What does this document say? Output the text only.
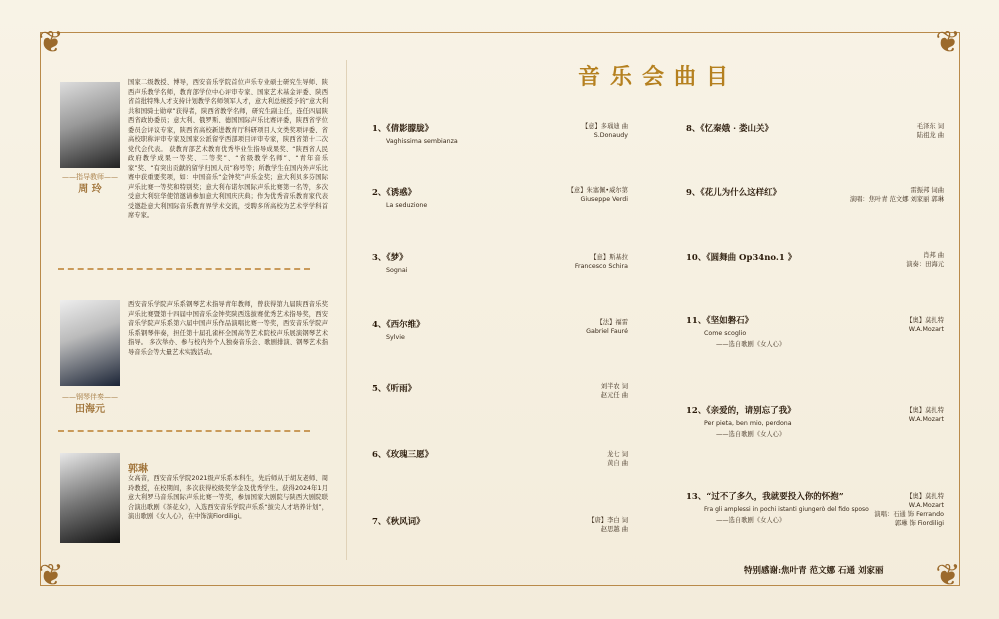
❦	❦
❦	❦
——指导教师——
周 玲
国家二级教授、博导，西安音乐学院首位声乐专业硕士研究生导师、陕西声乐教学名师，教育部学位中心评审专家、国家艺术基金评委、陕西省首批特殊人才支持计划教学名师领军人才，意大利总统授予的“意大利共和国骑士勋章”获得者，陕西省教学名师，研究生副主任，连任四届陕西省政协委员；意大利、俄罗斯、德国国际声乐比赛评委，陕西省学位委员会评议专家，陕西省高校新进教育厅科研项目人文类奖项评委、省高校职称评审专家及国家公派留学西部项目评审专家，陕西省第十二次党代会代表。 获教育部艺术教育优秀毕业生指导成果奖、“陕西省人民政府教学成果一等奖、二等奖”、“省级教学名师”、“青年音乐家”奖、“有突出贡献的留学归国人员”称号等；所教学生在国内外声乐比赛中获重要奖项，如：中国音乐“金钟奖”声乐金奖；意大利贝多芬国际声乐比赛一等奖和特别奖；意大利布诺尔国际声乐比赛第一名等，多次受意大利驻华使馆邀请参加意大利国庆庆典；作为优秀音乐教育家代表受邀赴意大利国际音乐教育界学术交流，受聘多所高校为艺术学学科首席专家。
——钢琴伴奏——
田海元
西安音乐学院声乐系钢琴艺术指导青年教师，曾获得第九届陕西音乐奖声乐比赛暨第十四届中国音乐金钟奖陕西选拔赛优秀艺术指导奖，西安音乐学院声乐系第六届中国声乐作品演唱比赛一等奖，西安音乐学院声乐系钢琴伴奏，担任第十届孔雀杯全国高等艺术院校声乐展演钢琴艺术指导。 多次举办、参与校内外个人独奏音乐会、歌剧排演、钢琴艺术指导音乐会等大量艺术实践活动。
郭琳
女高音，西安音乐学院2021级声乐系本科生，先后师从于胡友老师、周玲教授，在校期间，多次获得校级奖学金及优秀学生。获得2024年1月意大利罗马音乐国际声乐比赛一等奖，参加国家大剧院与陕西大剧院联合演出歌剧《茶花女》，入选西安音乐学院声乐系“拔尖人才培养计划”，演出歌剧《女人心》，在中饰演Fiordiligi。
音乐会曲目
1、《倩影朦胧》
Vaghissima sembianza
【意】多瑙迪 曲
S.Donaudy
2、《诱惑》
La seduzione
【意】朱塞佩•威尔第
Giuseppe Verdi
3、《梦》
Sognai
【意】斯基拉
Francesco Schira
4、《西尔维》
Sylvie
【法】福雷
Gabriel Fauré
5、《听雨》	刘半农 词
赵元任 曲
6、《玫瑰三愿》	龙七 词
黄自 曲
7、《秋风词》	【唐】李白 词
赵思越 曲
8、《忆秦娥 · 娄山关》	毛泽东 词
陆祖龙 曲
9、《花儿为什么这样红》	雷振邦 词曲
演唱：焦叶青 范文娜 刘家丽 郭琳
10、《圆舞曲 Op34no.1 》	肖邦 曲
演奏：田海元
11、《坚如磐石》
Come scoglio
——选自歌剧《女人心》
【奥】莫扎特
W.A.Mozart
12、《亲爱的，请别忘了我》
Per pieta, ben mio, perdona
——选自歌剧《女人心》
【奥】莫扎特
W.A.Mozart
13、“过不了多久，我就要投入你的怀抱”
Fra gli amplessi in pochi istanti giungerò del fido sposo
——选自歌剧《女人心》
【奥】莫扎特
W.A.Mozart
演唱：石通 饰 Ferrando
郭琳 饰 Fiordiligi
特别感谢:焦叶青 范文娜 石通 刘家丽
